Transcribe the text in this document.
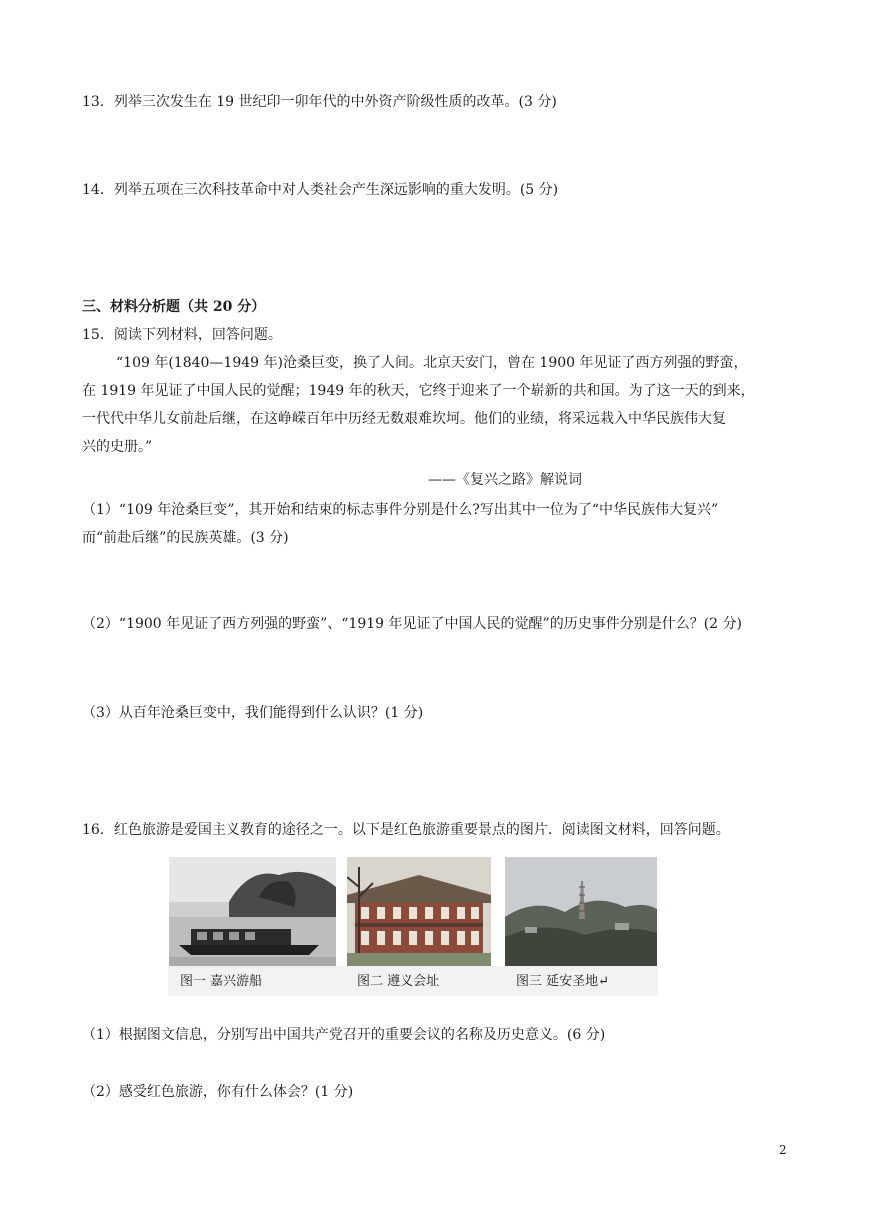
13．列举三次发生在 19 世纪印一卯年代的中外资产阶级性质的改革。(3 分)
14．列举五项在三次科技革命中对人类社会产生深远影响的重大发明。(5 分)
三、材料分析题（共 20 分）
15．阅读下列材料，回答问题。
“109 年(1840—1949 年)沧桑巨变，换了人间。北京天安门，曾在 1900 年见证了西方列强的野蛮，
在 1919 年见证了中国人民的觉醒；1949 年的秋天，它终于迎来了一个崭新的共和国。为了这一天的到来，
一代代中华儿女前赴后继，在这峥嵘百年中历经无数艰难坎坷。他们的业绩，将采远栽入中华民族伟大复
兴的史册。”
——《复兴之路》解说词
（1）“109 年沧桑巨变”，其开始和结束的标志事件分别是什么?写出其中一位为了“中华民族伟大复兴”
而“前赴后继”的民族英雄。(3 分)
（2）“1900 年见证了西方列强的野蛮”、“1919 年见证了中国人民的觉醒”的历史事件分别是什么？(2 分)
（3）从百年沧桑巨变中，我们能得到什么认识？(1 分)
16．红色旅游是爱国主义教育的途径之一。以下是红色旅游重要景点的图片．阅读图文材料，回答问题。
图一 嘉兴游船	图二 遵义会址	图三 延安圣地↵
（1）根据图文信息，分别写出中国共产党召开的重要会议的名称及历史意义。(6 分)
（2）感受红色旅游，你有什么体会？(1 分)
2
